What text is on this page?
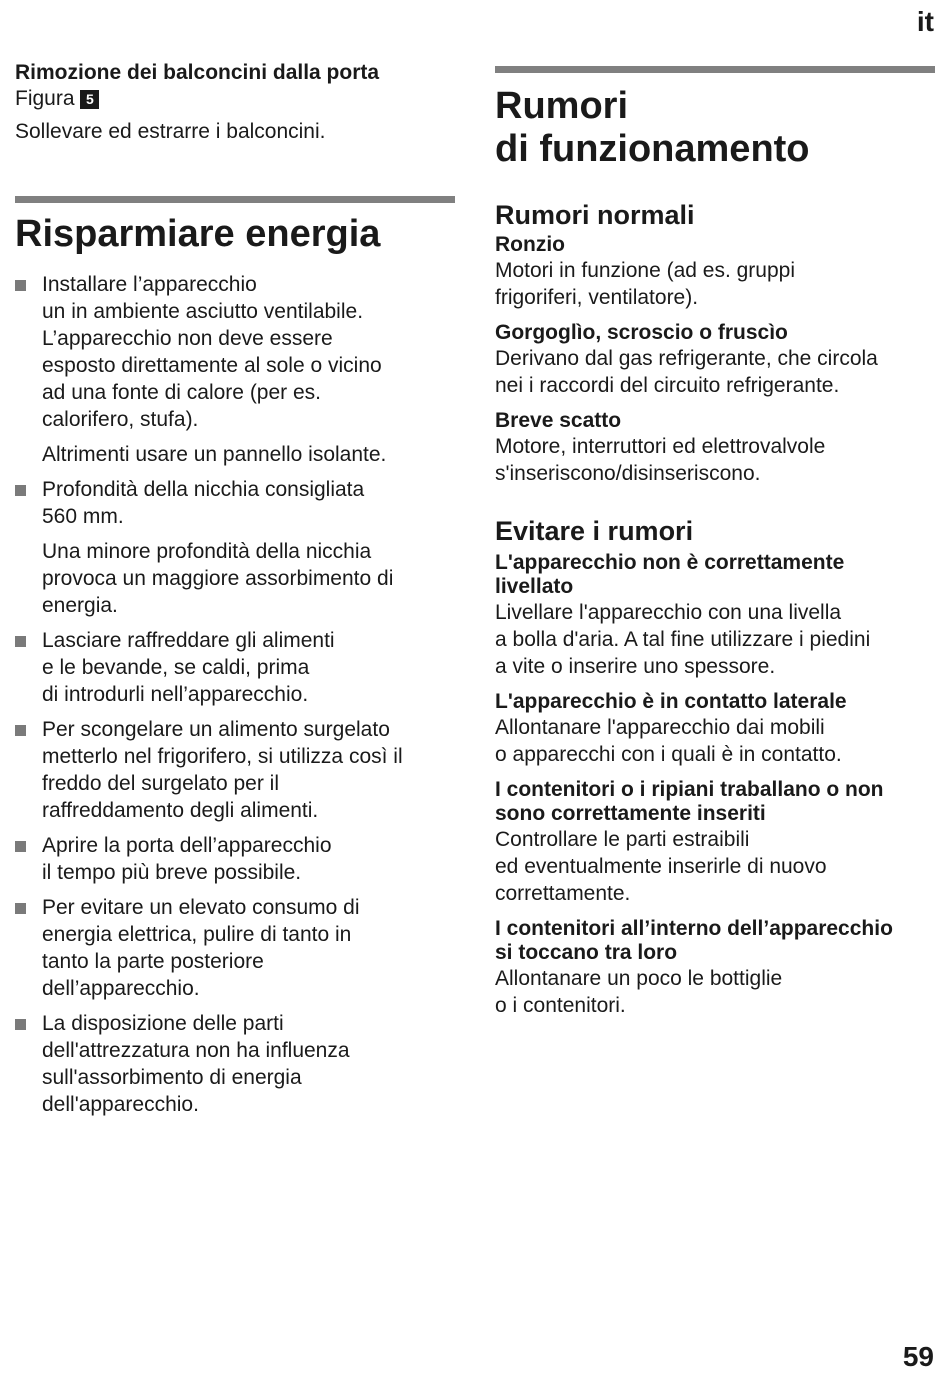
it

Rimozione dei balconcini dalla porta

Figura 5

Sollevare ed estrarre i balconcini.

Risparmiare energia

Installare l’apparecchio
un in ambiente asciutto ventilabile.
L’apparecchio non deve essere
esposto direttamente al sole o vicino
ad una fonte di calore (per es.
calorifero, stufa).

Altrimenti usare un pannello isolante.

Profondità della nicchia consigliata
560 mm.

Una minore profondità della nicchia
provoca un maggiore assorbimento di
energia.

Lasciare raffreddare gli alimenti
e le bevande, se caldi, prima
di introdurli nell’apparecchio.

Per scongelare un alimento surgelato
metterlo nel frigorifero, si utilizza così il
freddo del surgelato per il
raffreddamento degli alimenti.

Aprire la porta dell’apparecchio
il tempo più breve possibile.

Per evitare un elevato consumo di
energia elettrica, pulire di tanto in
tanto la parte posteriore
dell’apparecchio.

La disposizione delle parti
dell'attrezzatura non ha influenza
sull'assorbimento di energia
dell'apparecchio.

Rumori
di funzionamento

Rumori normali

Ronzio

Motori in funzione (ad es. gruppi
frigoriferi, ventilatore).

Gorgoglìo, scroscio o fruscìo

Derivano dal gas refrigerante, che circola
nei i raccordi del circuito refrigerante.

Breve scatto

Motore, interruttori ed elettrovalvole
s'inseriscono/disinseriscono.

Evitare i rumori

L'apparecchio non è correttamente
livellato

Livellare l'apparecchio con una livella
a bolla d'aria. A tal fine utilizzare i piedini
a vite o inserire uno spessore.

L'apparecchio è in contatto laterale

Allontanare l'apparecchio dai mobili
o apparecchi con i quali è in contatto.

I contenitori o i ripiani traballano o non
sono correttamente inseriti

Controllare le parti estraibili
ed eventualmente inserirle di nuovo
correttamente.

I contenitori all’interno dell’apparecchio
si toccano tra loro

Allontanare un poco le bottiglie
o i contenitori.

59
